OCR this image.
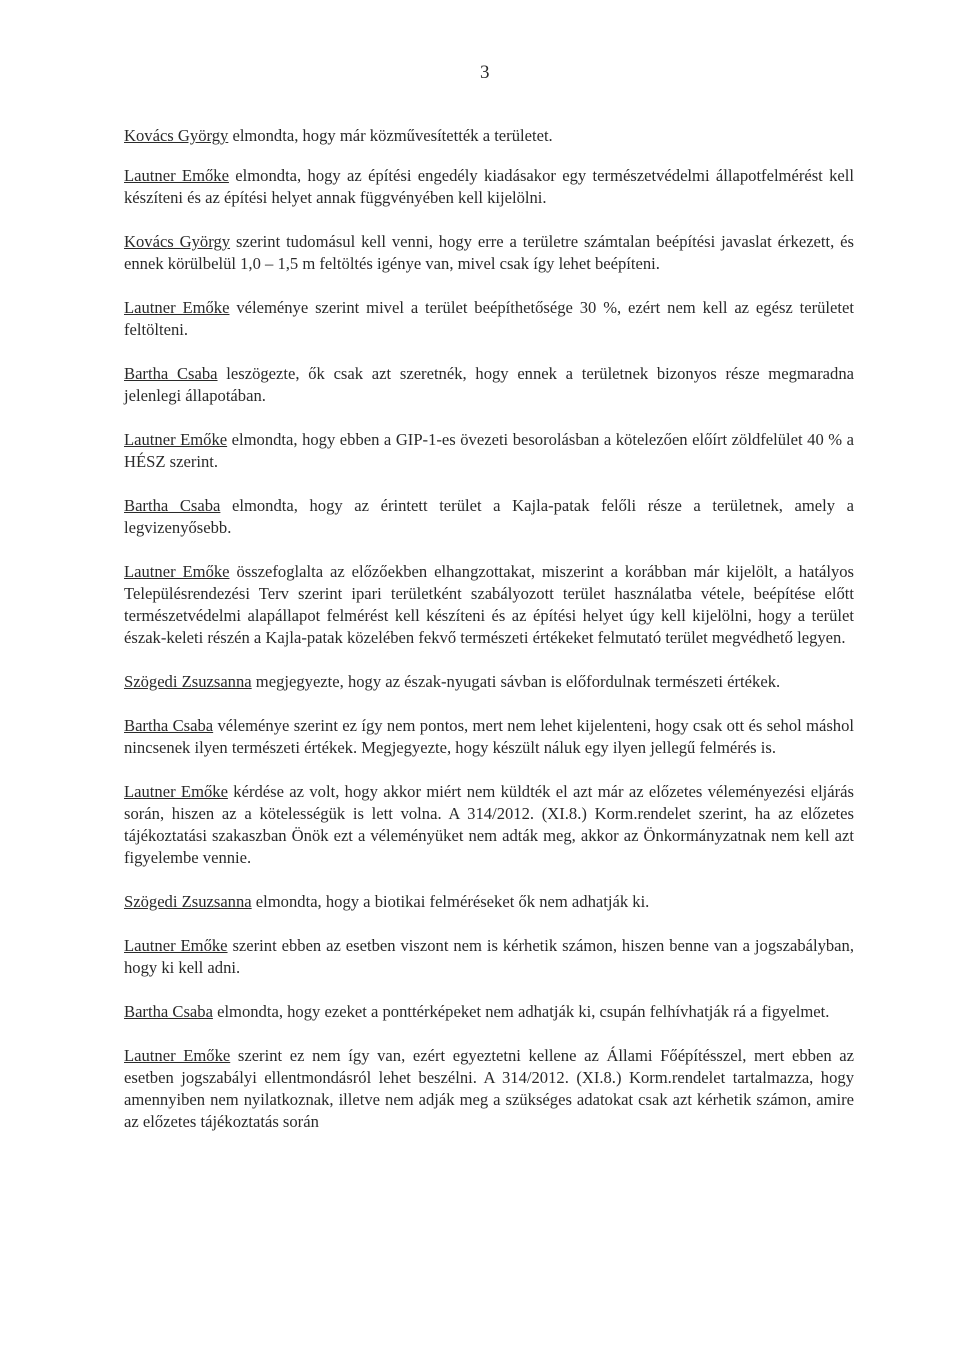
3

Kovács György elmondta, hogy már közművesítették a területet.

Lautner Emőke elmondta, hogy az építési engedély kiadásakor egy természetvédelmi állapotfelmérést kell készíteni és az építési helyet annak függvényében kell kijelölni.

Kovács György szerint tudomásul kell venni, hogy erre a területre számtalan beépítési javaslat érkezett, és ennek körülbelül 1,0 – 1,5 m feltöltés igénye van, mivel csak így lehet beépíteni.

Lautner Emőke véleménye szerint mivel a terület beépíthetősége 30 %, ezért nem kell az egész területet feltölteni.

Bartha Csaba leszögezte, ők csak azt szeretnék, hogy ennek a területnek bizonyos része megmaradna jelenlegi állapotában.

Lautner Emőke elmondta, hogy ebben a GIP-1-es övezeti besorolásban a kötelezően előírt zöldfelület 40 % a HÉSZ szerint.

Bartha Csaba elmondta, hogy az érintett terület a Kajla-patak felőli része a területnek, amely a legvizenyősebb.

Lautner Emőke összefoglalta az előzőekben elhangzottakat, miszerint a korábban már kijelölt, a hatályos Településrendezési Terv szerint ipari területként szabályozott terület használatba vétele, beépítése előtt természetvédelmi alapállapot felmérést kell készíteni és az építési helyet úgy kell kijelölni, hogy a terület észak-keleti részén a Kajla-patak közelében fekvő természeti értékeket felmutató terület megvédhető legyen.

Szögedi Zsuzsanna megjegyezte, hogy az észak-nyugati sávban is előfordulnak természeti értékek.

Bartha Csaba véleménye szerint ez így nem pontos, mert nem lehet kijelenteni, hogy csak ott és sehol máshol nincsenek ilyen természeti értékek. Megjegyezte, hogy készült náluk egy ilyen jellegű felmérés is.

Lautner Emőke kérdése az volt, hogy akkor miért nem küldték el azt már az előzetes véleményezési eljárás során, hiszen az a kötelességük is lett volna. A 314/2012. (XI.8.) Korm.rendelet szerint, ha az előzetes tájékoztatási szakaszban Önök ezt a véleményüket nem adták meg, akkor az Önkormányzatnak nem kell azt figyelembe vennie.

Szögedi Zsuzsanna elmondta, hogy a biotikai felméréseket ők nem adhatják ki.

Lautner Emőke szerint ebben az esetben viszont nem is kérhetik számon, hiszen benne van a jogszabályban, hogy ki kell adni.

Bartha Csaba elmondta, hogy ezeket a ponttérképeket nem adhatják ki, csupán felhívhatják rá a figyelmet.

Lautner Emőke szerint ez nem így van, ezért egyeztetni kellene az Állami Főépítésszel, mert ebben az esetben jogszabályi ellentmondásról lehet beszélni. A 314/2012. (XI.8.) Korm.rendelet tartalmazza, hogy amennyiben nem nyilatkoznak, illetve nem adják meg a szükséges adatokat csak azt kérhetik számon, amire az előzetes tájékoztatás során
